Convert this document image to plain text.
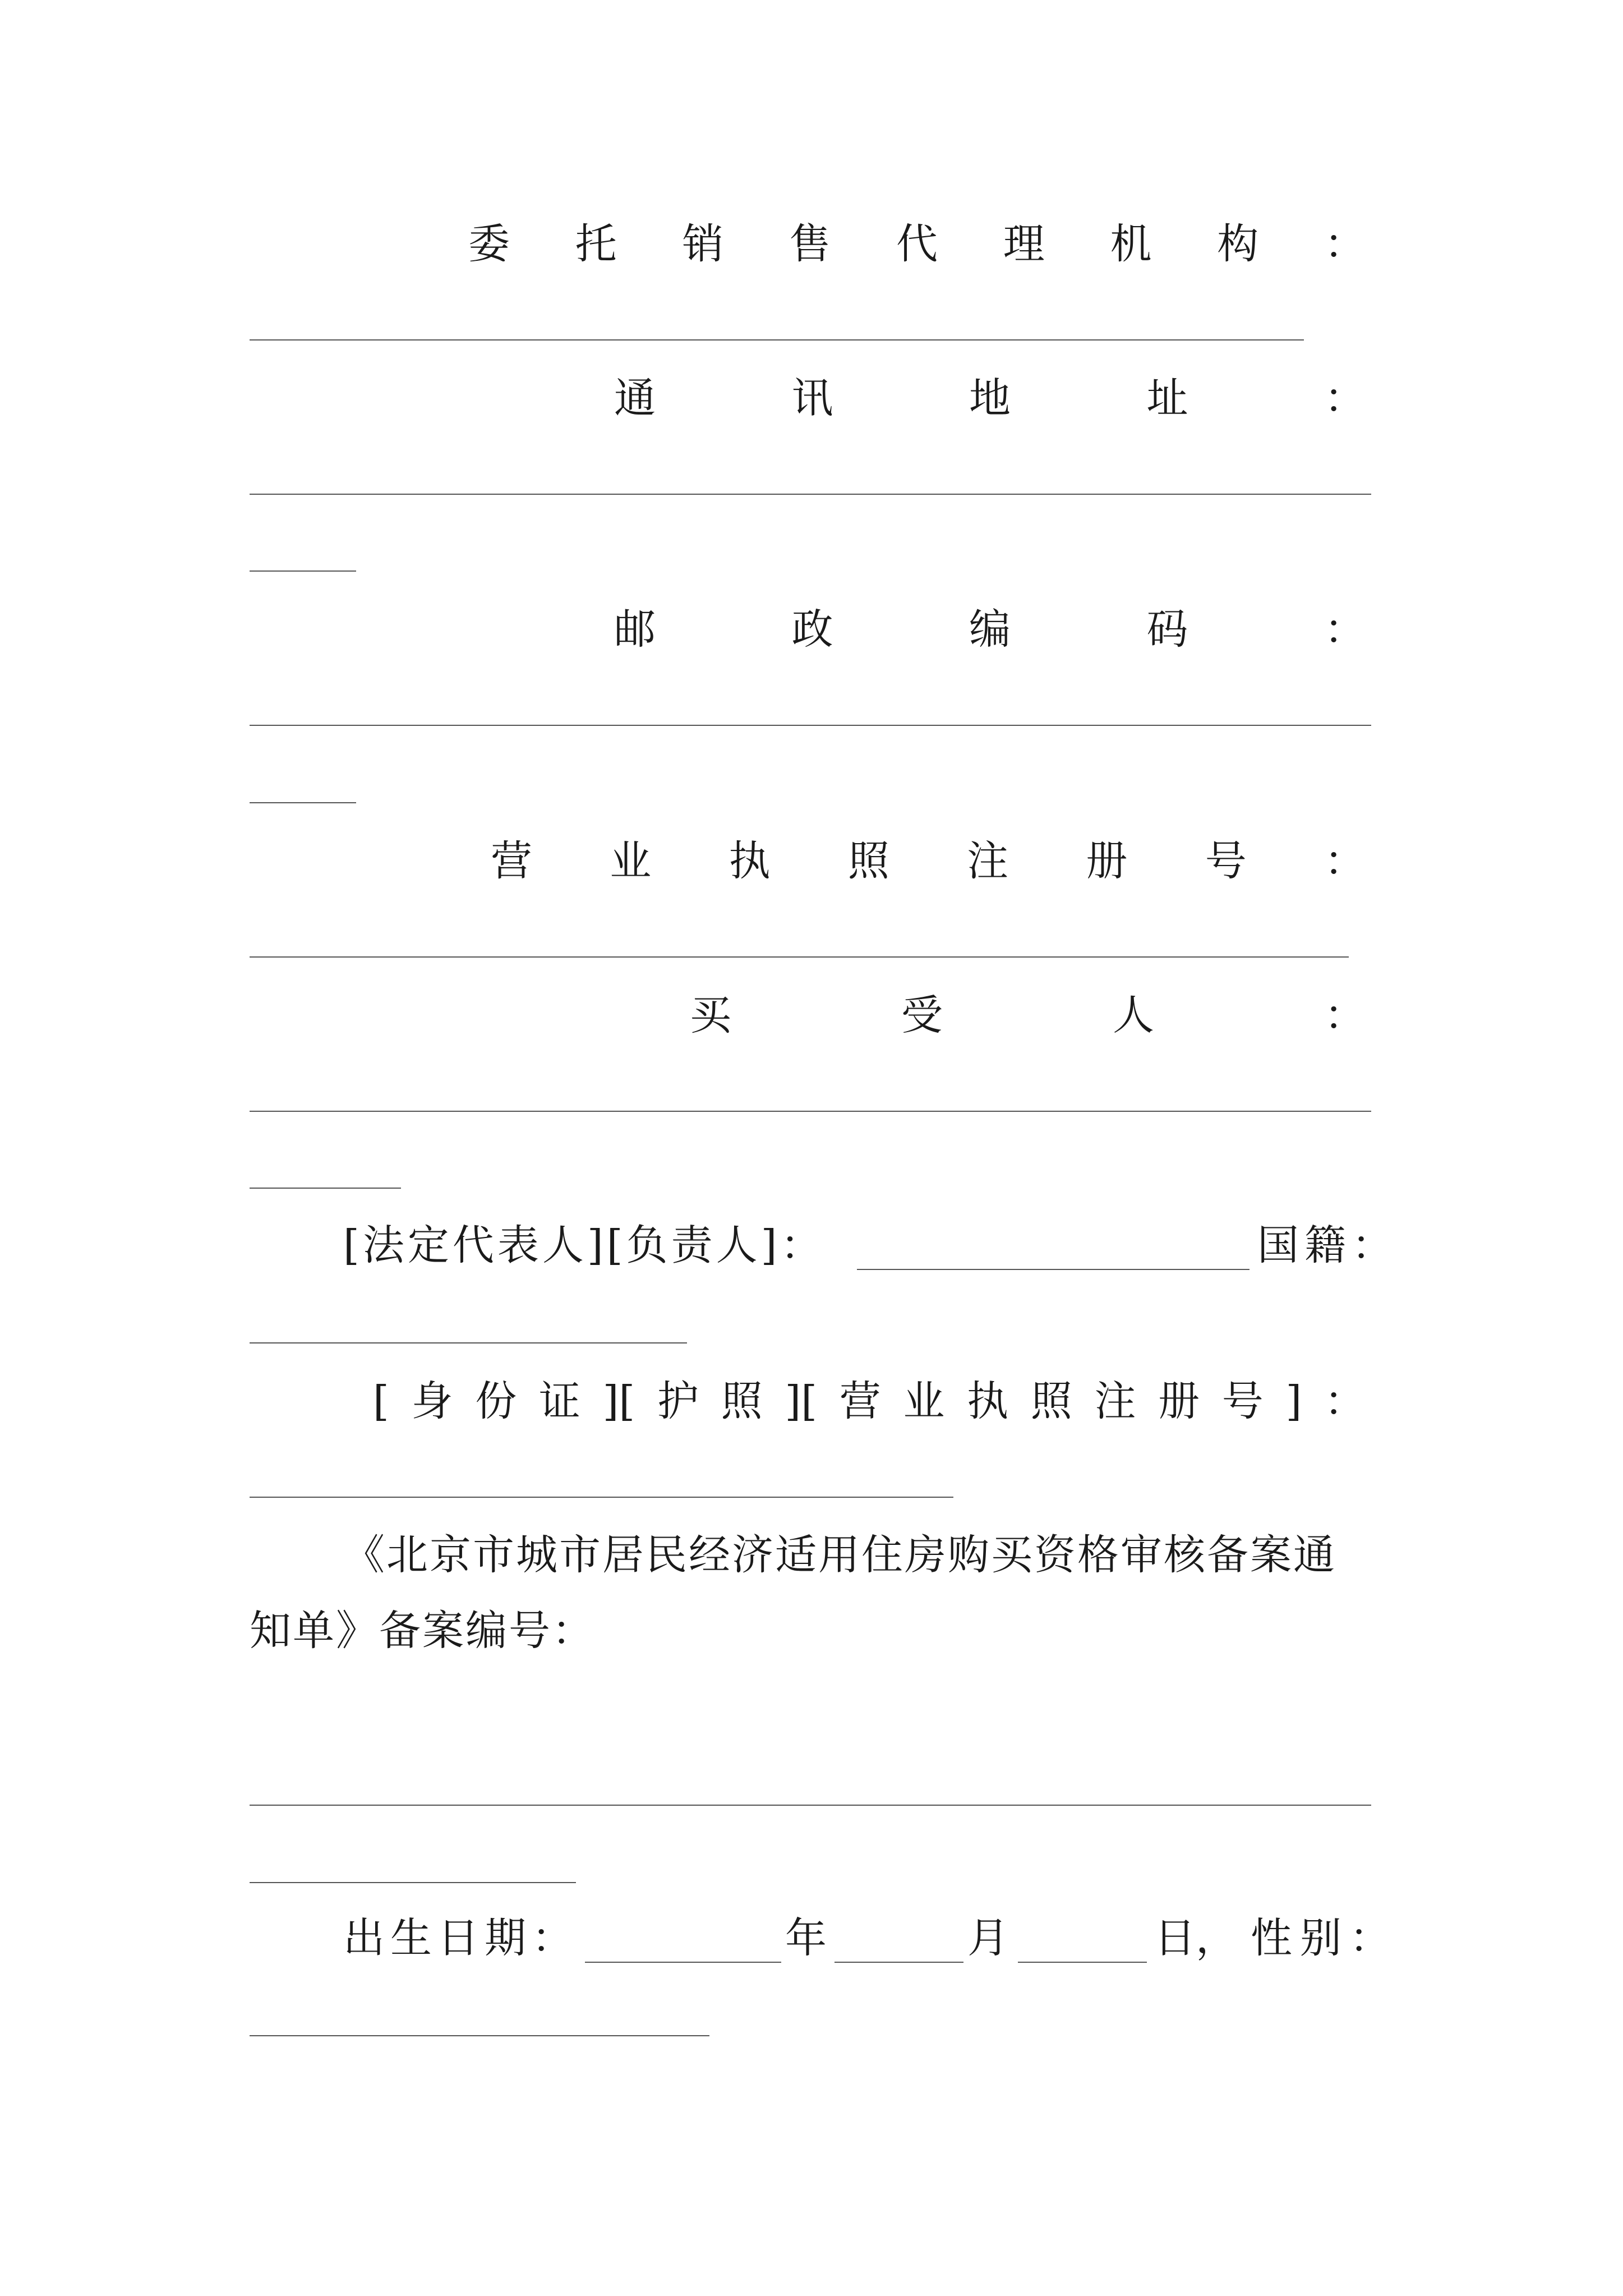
委 托 销 售 代 理 机 构 ：
通	讯	地	址	：
邮	政	编	码	：
营 业 执 照 注 册 号 ：
买	受	人	：
[法定代表人][负责人]：	国籍：
[ 身 份 证 ][ 护 照 ][ 营 业 执 照 注 册 号 ] ：
《北京市城市居民经济适用住房购买资格审核备案通
知单》备案编号：
出生日期：	年	月	日， 性别：
